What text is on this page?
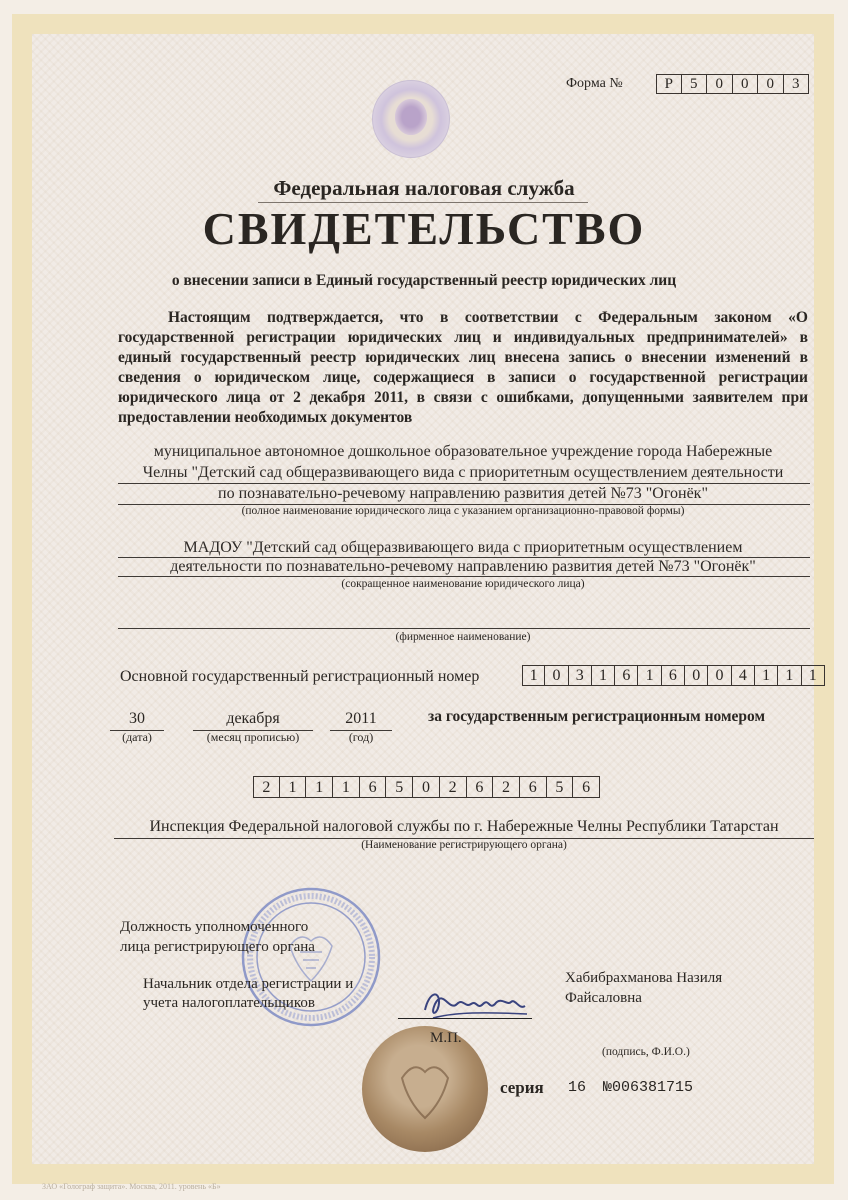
Форма №	Р	5	0	0	0	3
Федеральная налоговая служба
СВИДЕТЕЛЬСТВО
о внесении записи в Единый государственный реестр юридических лиц

Настоящим подтверждается, что в соответствии с Федеральным законом «О государственной регистрации юридических лиц и индивидуальных предпринимателей» в единый государственный реестр юридических лиц внесена запись о внесении изменений в сведения о юридическом лице, содержащиеся в записи о государственной регистрации юридического лица от 2 декабря 2011, в связи с ошибками, допущенными заявителем при предоставлении необходимых документов

муниципальное автономное дошкольное образовательное учреждение города Набережные
Челны "Детский сад общеразвивающего вида с приоритетным осуществлением деятельности
по познавательно-речевому направлению развития детей №73 "Огонёк"
(полное наименование юридического лица с указанием организационно-правовой формы)
МАДОУ "Детский сад общеразвивающего вида с приоритетным осуществлением
деятельности по познавательно-речевому направлению развития детей №73 "Огонёк"
(сокращенное наименование юридического лица)
(фирменное наименование)
Основной государственный регистрационный номер	1 0 3 1 6 1 6 0 0 4 1 1 1
30
(дата)
декабря
(месяц прописью)
2011
(год)
за государственным регистрационным номером
2	1	1	1	6	5	0	2	6	2	6	5	6
Инспекция Федеральной налоговой службы по г. Набережные Челны Республики Татарстан
(Наименование регистрирующего органа)
Должность уполномоченного
лица регистрирующего органа
Начальник отдела регистрации и
учета налогоплательщиков
Хабибрахманова Назиля
Файсаловна
М.П.
(подпись, Ф.И.О.)
серия 16 №006381715
ЗАО «Голограф защита». Москва, 2011. уровень «Б»
